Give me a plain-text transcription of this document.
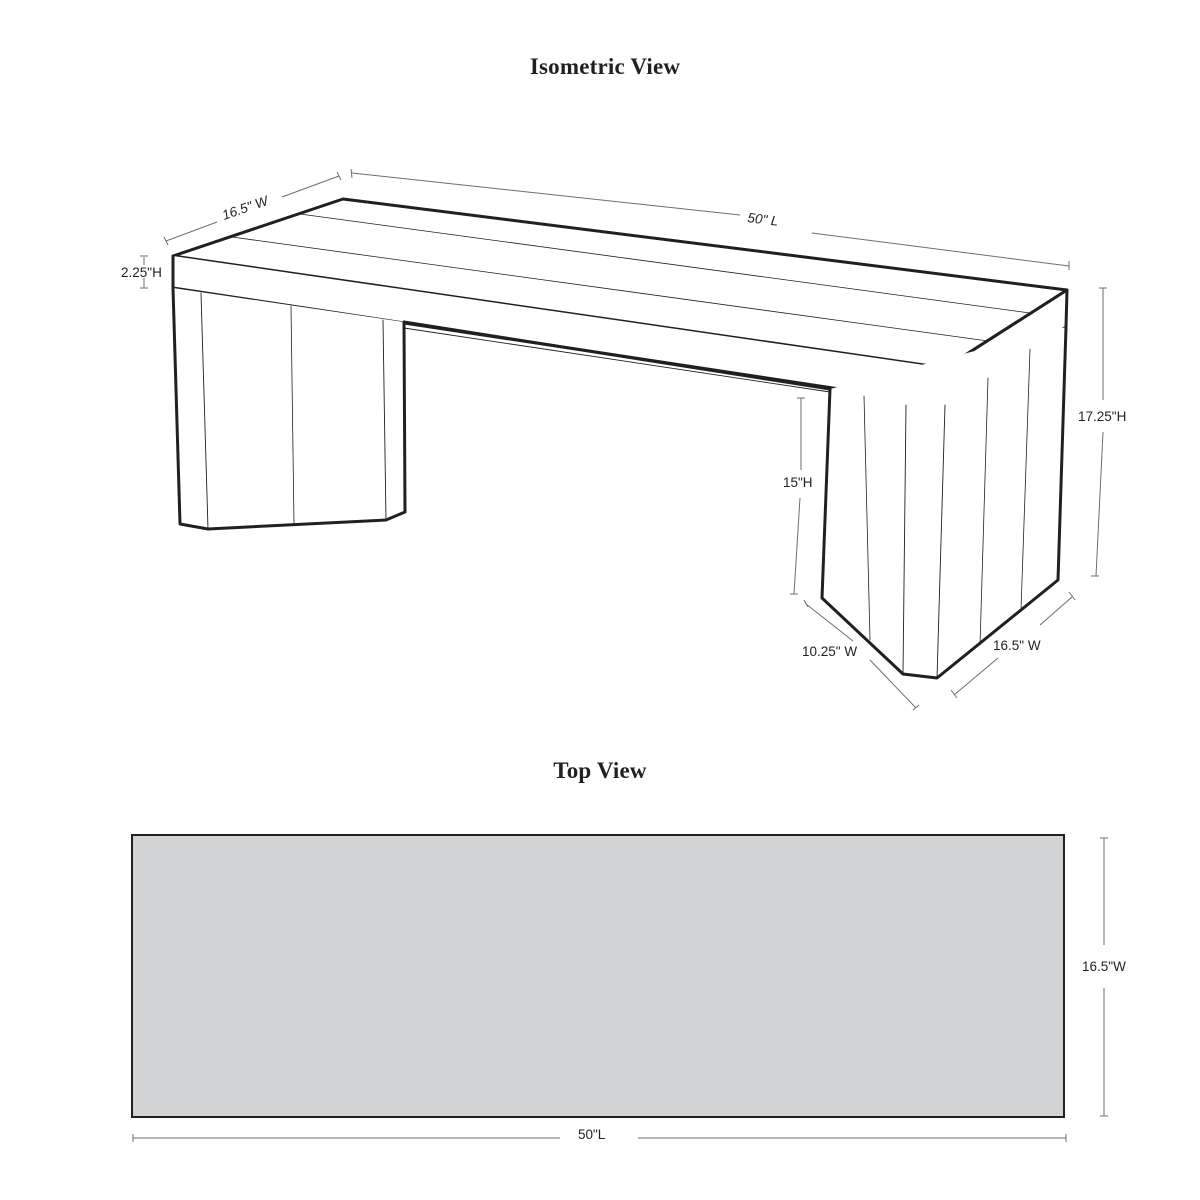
Isometric View
Top View
16.5" W	50" L
2.25"H
17.25"H
15"H
10.25" W	16.5" W
16.5"W
50"L
